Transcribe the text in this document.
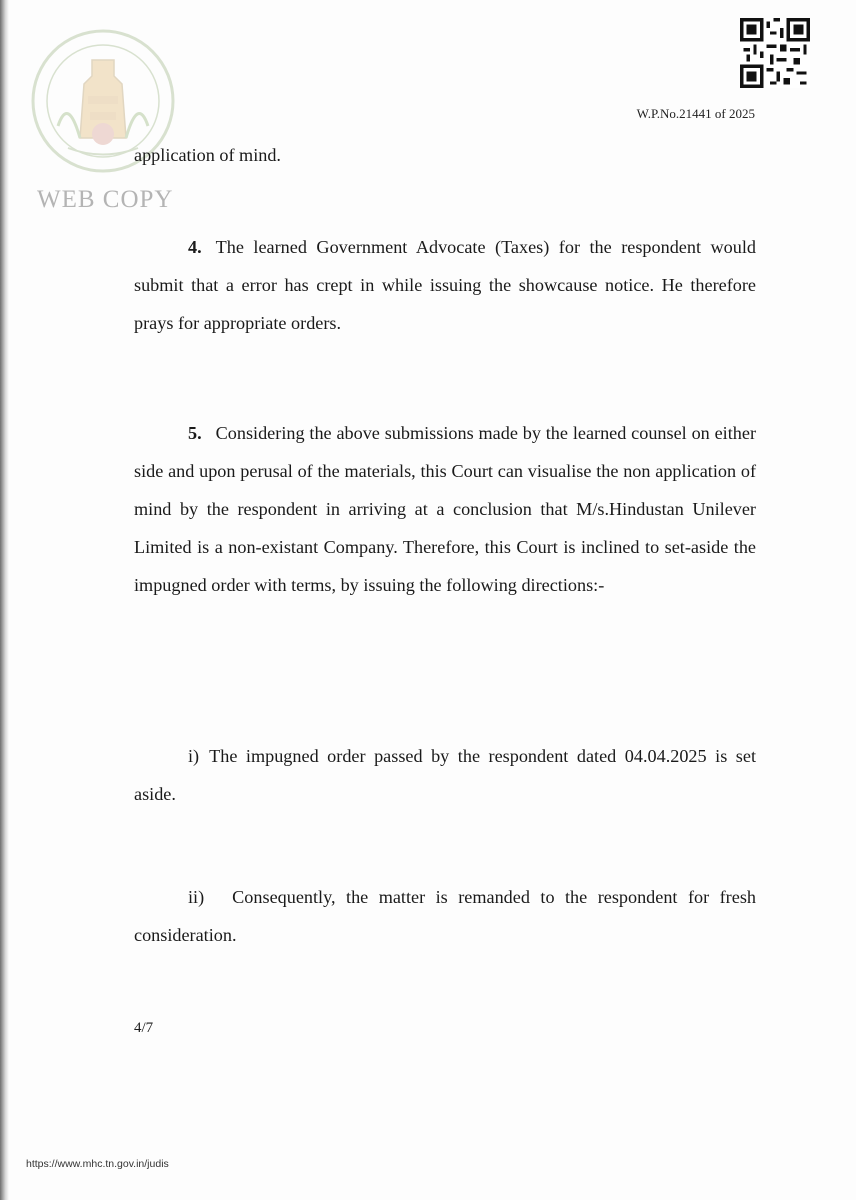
WEB COPY
W.P.No.21441 of 2025
application of mind.
4. The learned Government Advocate (Taxes) for the respondent would submit that a error has crept in while issuing the showcause notice. He therefore prays for appropriate orders.
5. Considering the above submissions made by the learned counsel on either side and upon perusal of the materials, this Court can visualise the non application of mind by the respondent in arriving at a conclusion that M/s.Hindustan Unilever Limited is a non-existant Company. Therefore, this Court is inclined to set-aside the impugned order with terms, by issuing the following directions:-
i) The impugned order passed by the respondent dated 04.04.2025 is set aside.
ii) Consequently, the matter is remanded to the respondent for fresh consideration.
4/7
https://www.mhc.tn.gov.in/judis
